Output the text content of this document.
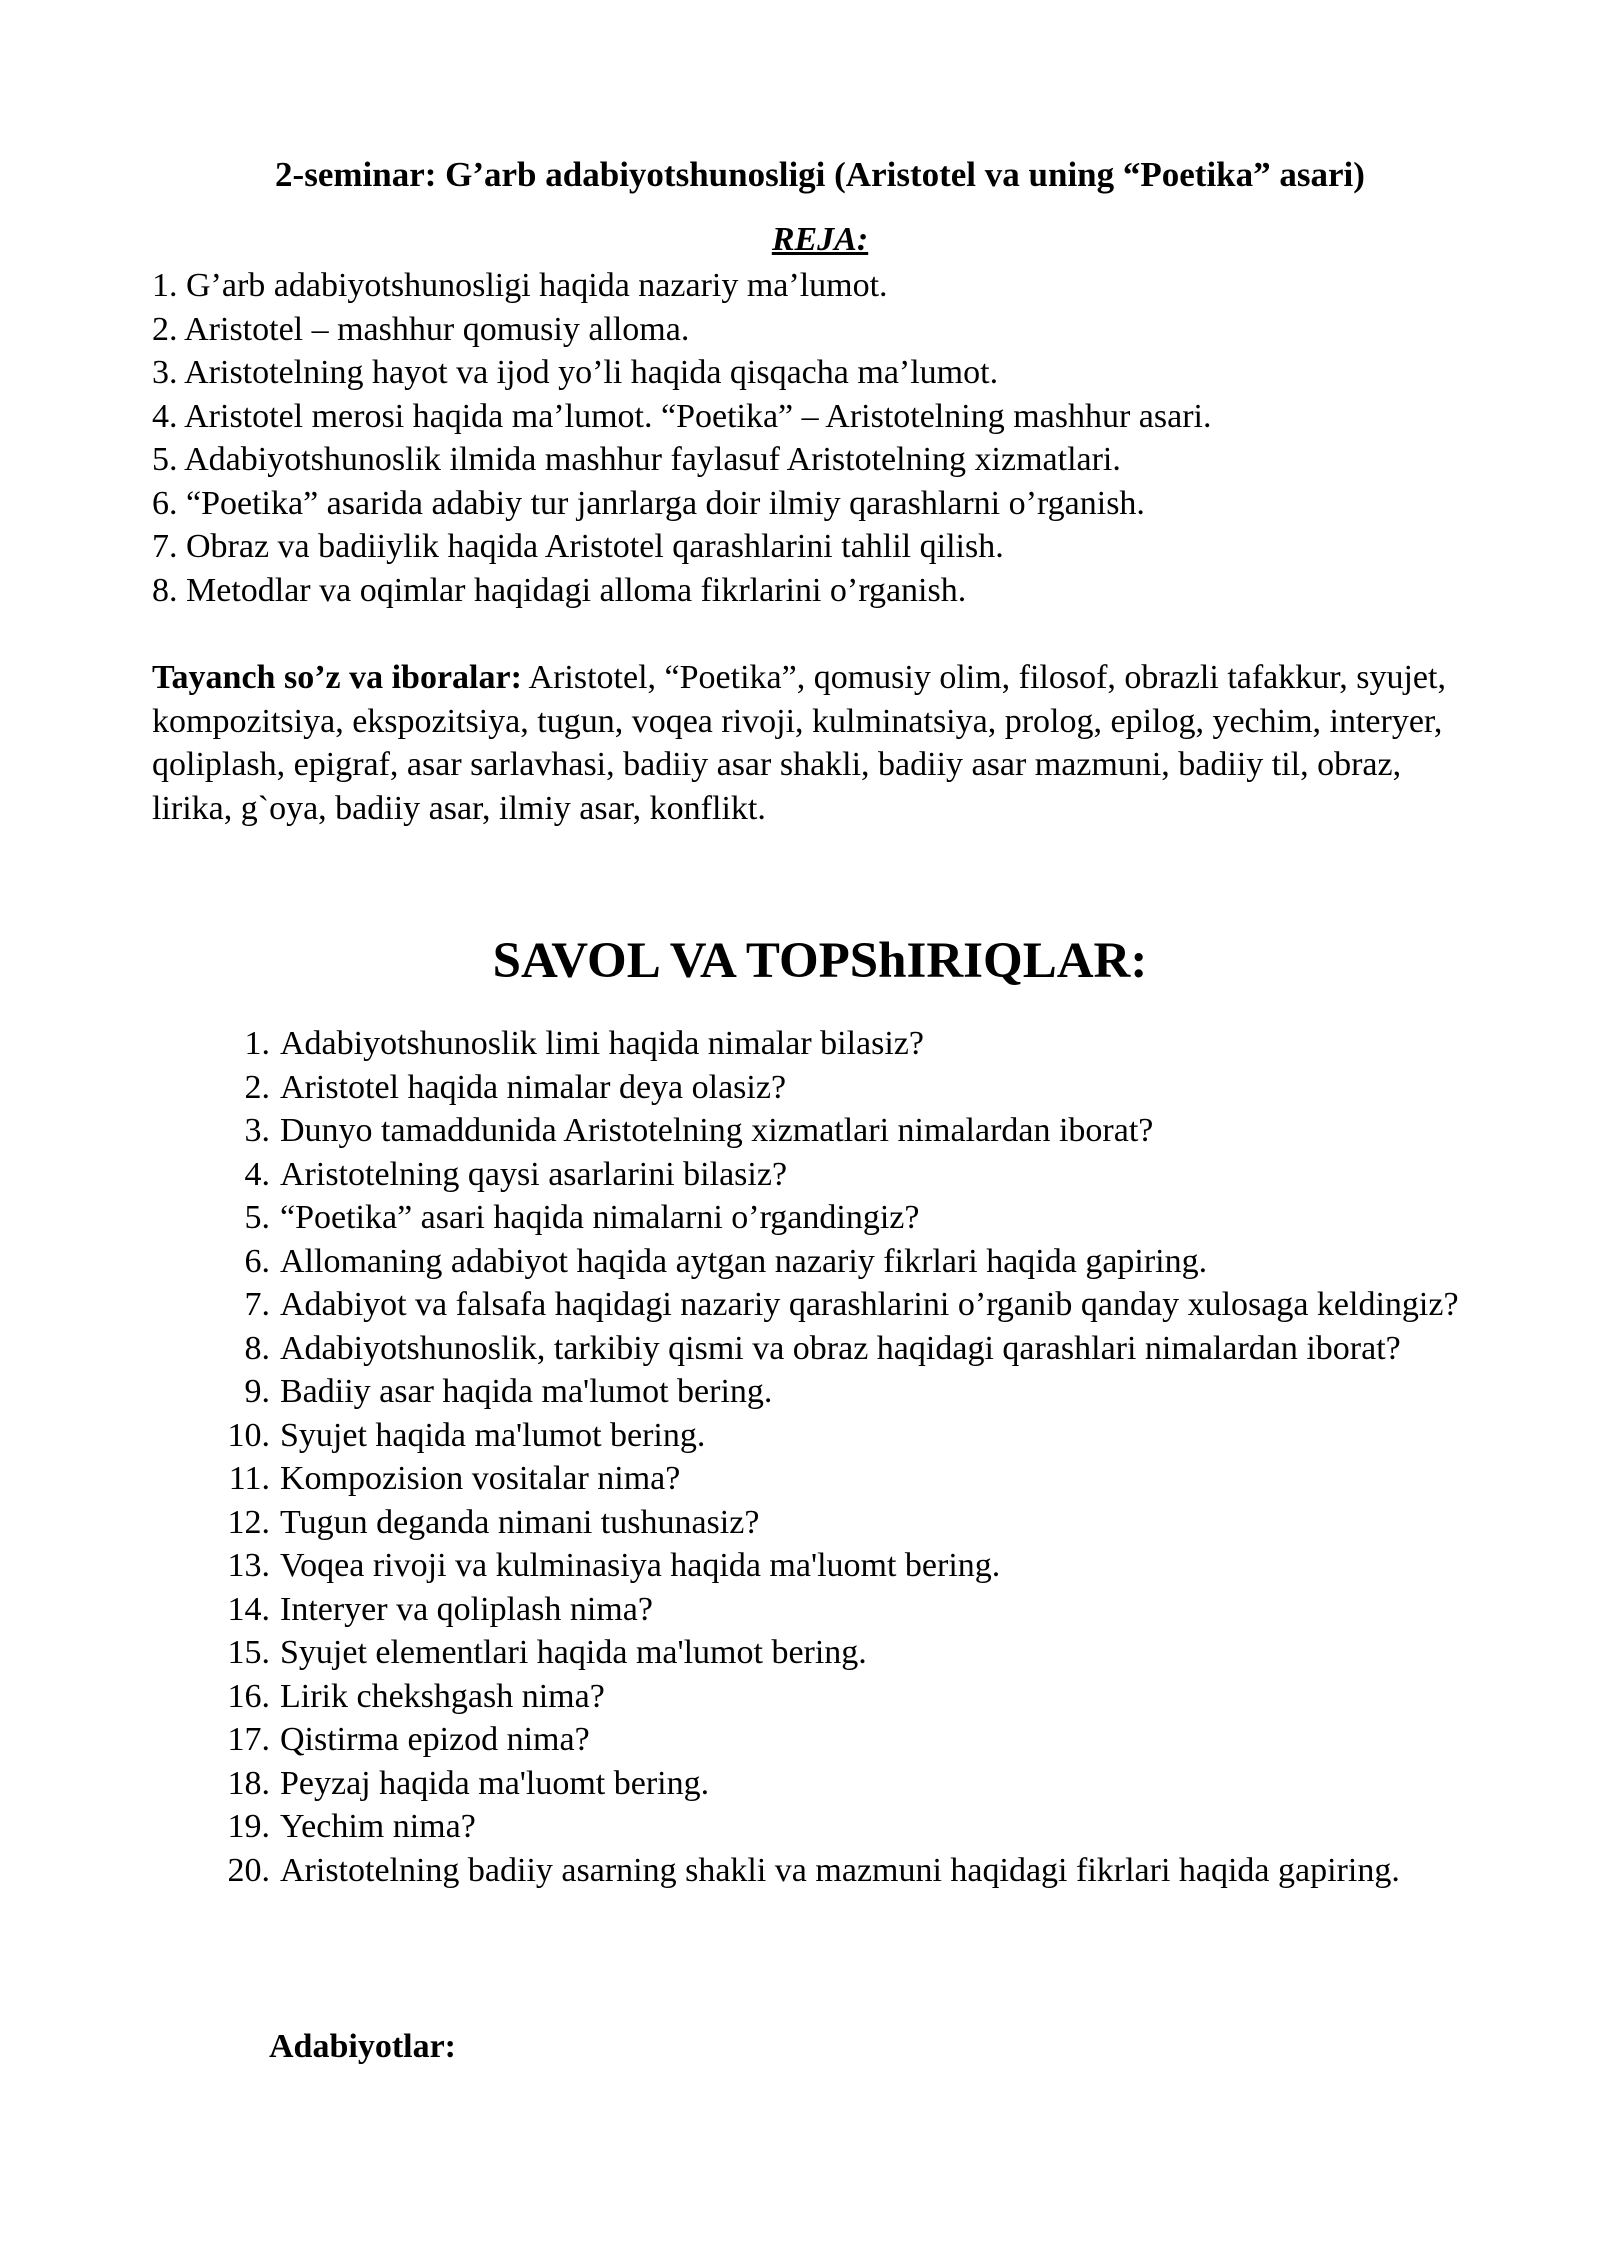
2-seminar: G’arb adabiyotshunosligi (Aristotel va uning “Poetika” asari)
REJA:
1. G’arb adabiyotshunosligi haqida nazariy ma’lumot.
2. Aristotel – mashhur qomusiy alloma.
3. Aristotelning hayot va ijod yo’li haqida qisqacha ma’lumot.
4. Aristotel merosi haqida ma’lumot. “Poetika” – Aristotelning mashhur asari.
5. Adabiyotshunoslik ilmida mashhur faylasuf Aristotelning xizmatlari.
6. “Poetika” asarida adabiy tur janrlarga doir ilmiy qarashlarni o’rganish.
7. Obraz va badiiylik haqida Aristotel qarashlarini tahlil qilish.
8. Metodlar va oqimlar haqidagi alloma fikrlarini o’rganish.

Tayanch so’z va iboralar: Aristotel, “Poetika”, qomusiy olim, filosof, obrazli tafakkur, syujet, kompozitsiya, ekspozitsiya, tugun, voqea rivoji, kulminatsiya, prolog, epilog, yechim, interyer, qoliplash, epigraf, asar sarlavhasi, badiiy asar shakli, badiiy asar mazmuni, badiiy til, obraz, lirika, g`oya, badiiy asar, ilmiy asar, konflikt.

SAVOL VA TOPShIRIQLAR:
1. Adabiyotshunoslik limi haqida nimalar bilasiz?
2. Aristotel haqida nimalar deya olasiz?
3. Dunyo tamaddunida Aristotelning xizmatlari nimalardan iborat?
4. Aristotelning qaysi asarlarini bilasiz?
5. “Poetika” asari haqida nimalarni o’rgandingiz?
6. Allomaning adabiyot haqida aytgan nazariy fikrlari haqida gapiring.
7. Adabiyot va falsafa haqidagi nazariy qarashlarini o’rganib qanday xulosaga keldingiz?
8. Adabiyotshunoslik, tarkibiy qismi va obraz haqidagi qarashlari nimalardan iborat?
9. Badiiy asar haqida ma'lumot bering.
10. Syujet haqida ma'lumot bering.
11. Kompozision vositalar nima?
12. Tugun deganda nimani tushunasiz?
13. Voqea rivoji va kulminasiya haqida ma'luomt bering.
14. Interyer va qoliplash nima?
15. Syujet elementlari haqida ma'lumot bering.
16. Lirik chekshgash nima?
17. Qistirma epizod nima?
18. Peyzaj haqida ma'luomt bering.
19. Yechim nima?
20. Aristotelning badiiy asarning shakli va mazmuni haqidagi fikrlari haqida gapiring.
Adabiyotlar:
